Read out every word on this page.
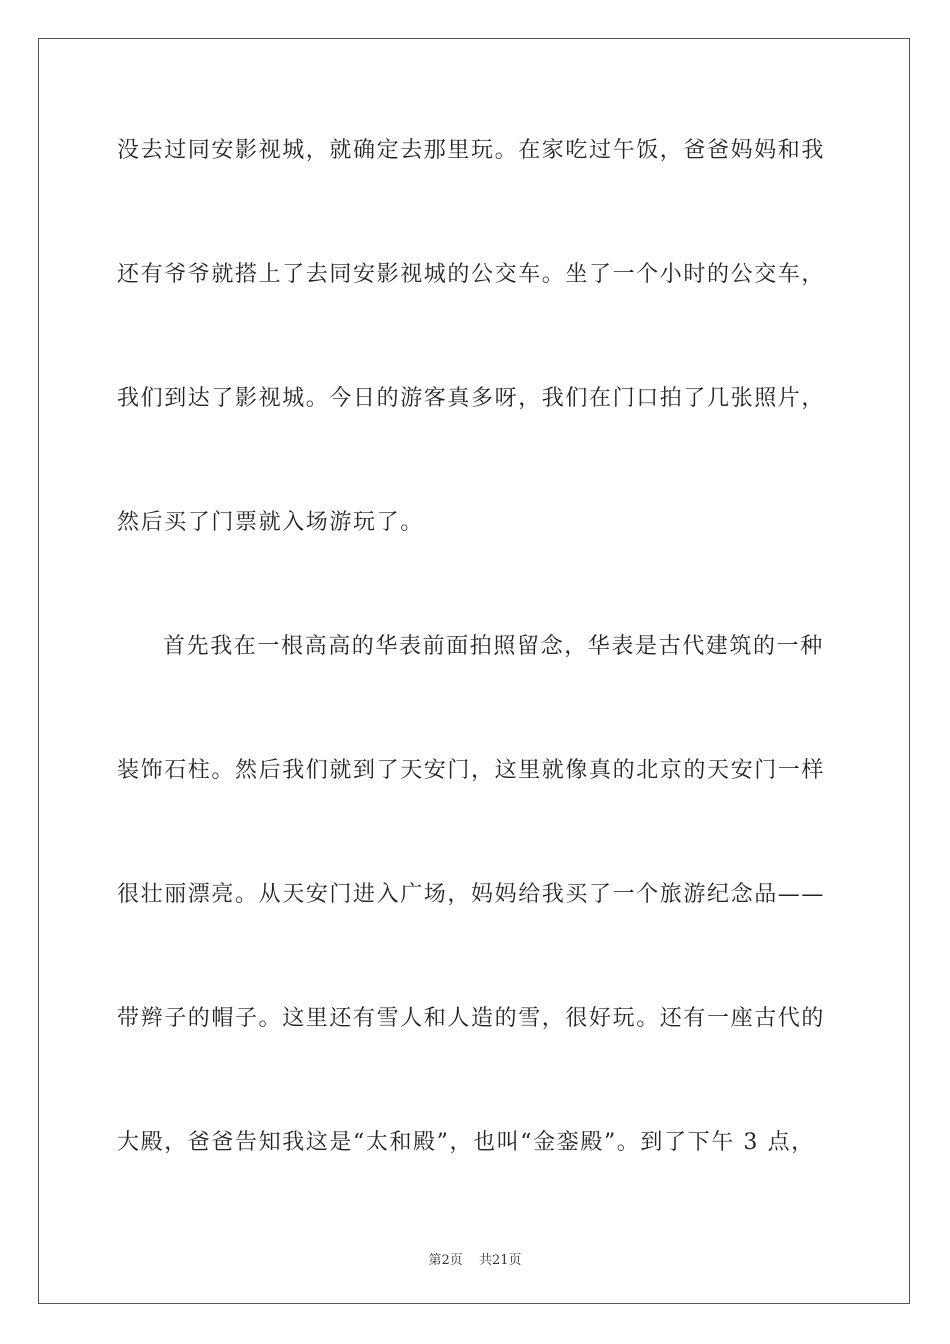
没去过同安影视城，就确定去那里玩。在家吃过午饭，爸爸妈妈和我
还有爷爷就搭上了去同安影视城的公交车。坐了一个小时的公交车，
我们到达了影视城。今日的游客真多呀，我们在门口拍了几张照片，
然后买了门票就入场游玩了。
首先我在一根高高的华表前面拍照留念，华表是古代建筑的一种
装饰石柱。然后我们就到了天安门，这里就像真的北京的天安门一样
很壮丽漂亮。从天安门进入广场，妈妈给我买了一个旅游纪念品——
带辫子的帽子。这里还有雪人和人造的雪，很好玩。还有一座古代的
大殿，爸爸告知我这是“太和殿”，也叫“金銮殿”。到了下午 3 点，
第2页 共21页
